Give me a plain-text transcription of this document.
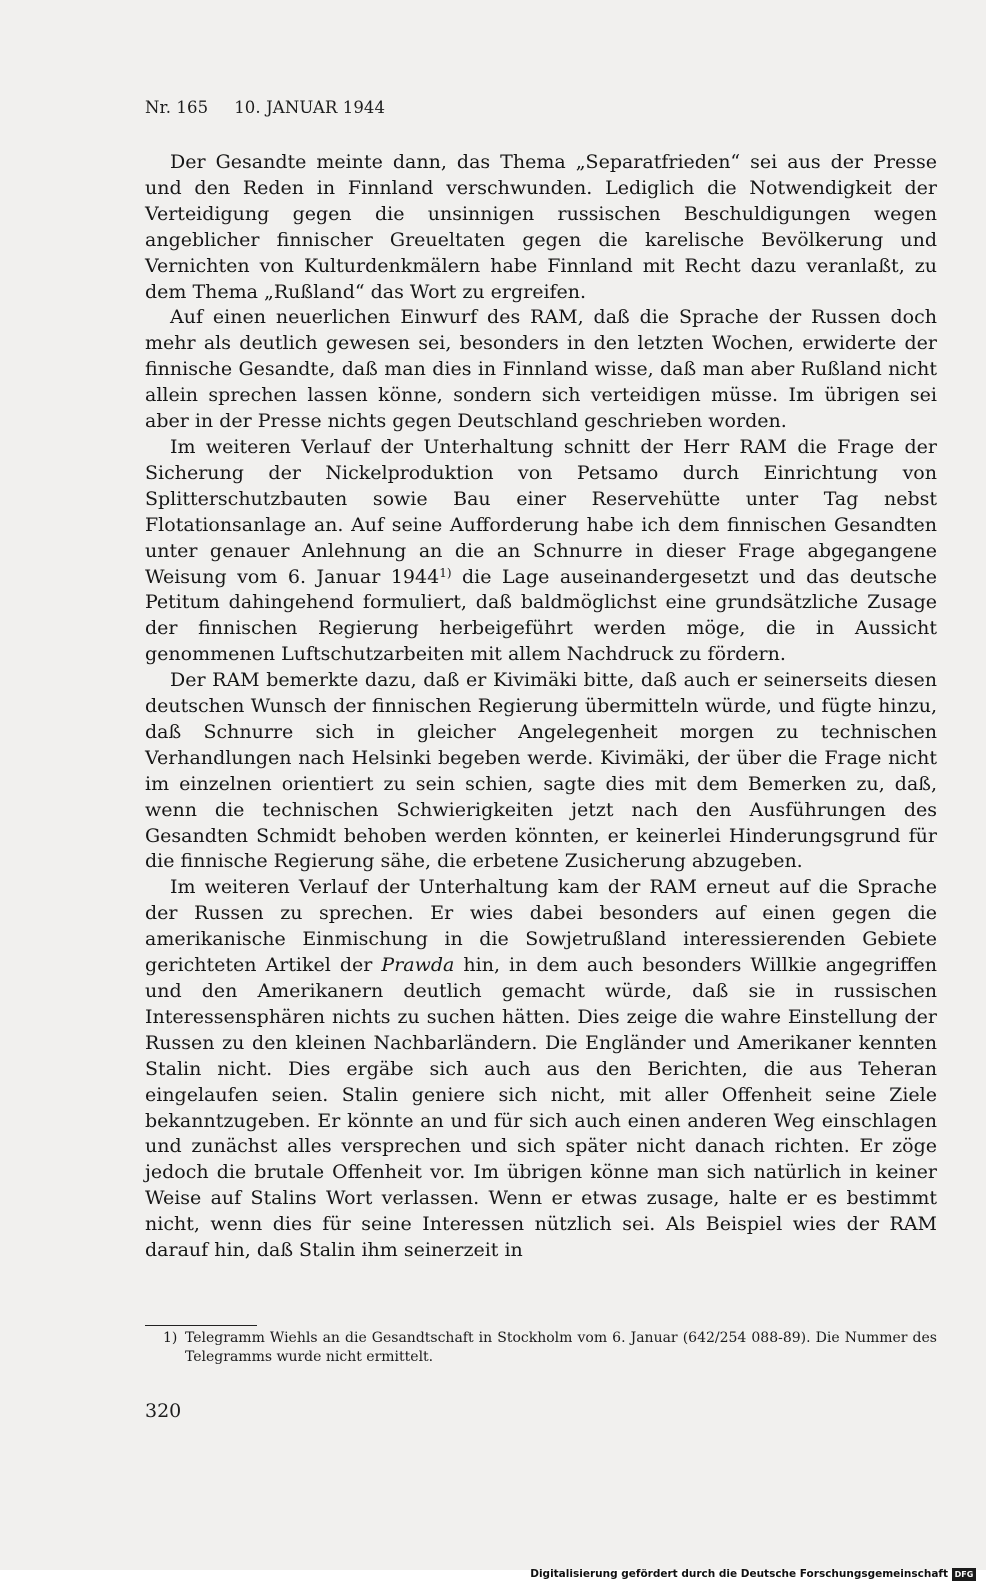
Nr. 165 10. JANUAR 1944

Der Gesandte meinte dann, das Thema „Separatfrieden“ sei aus der Presse und den Reden in Finnland verschwunden. Lediglich die Notwendigkeit der Verteidigung gegen die unsinnigen russischen Beschuldigungen wegen angeblicher finnischer Greueltaten gegen die karelische Bevölkerung und Vernichten von Kulturdenkmälern habe Finnland mit Recht dazu veranlaßt, zu dem Thema „Rußland“ das Wort zu ergreifen.

Auf einen neuerlichen Einwurf des RAM, daß die Sprache der Russen doch mehr als deutlich gewesen sei, besonders in den letzten Wochen, erwiderte der finnische Gesandte, daß man dies in Finnland wisse, daß man aber Rußland nicht allein sprechen lassen könne, sondern sich verteidigen müsse. Im übrigen sei aber in der Presse nichts gegen Deutschland geschrieben worden.

Im weiteren Verlauf der Unterhaltung schnitt der Herr RAM die Frage der Sicherung der Nickelproduktion von Petsamo durch Einrichtung von Splitterschutzbauten sowie Bau einer Reservehütte unter Tag nebst Flotationsanlage an. Auf seine Aufforderung habe ich dem finnischen Gesandten unter genauer Anlehnung an die an Schnurre in dieser Frage abgegangene Weisung vom 6. Januar 1944$^{1)}$ die Lage auseinandergesetzt und das deutsche Petitum dahingehend formuliert, daß baldmöglichst eine grundsätzliche Zusage der finnischen Regierung herbeigeführt werden möge, die in Aussicht genommenen Luftschutzarbeiten mit allem Nachdruck zu fördern.

Der RAM bemerkte dazu, daß er Kivimäki bitte, daß auch er seinerseits diesen deutschen Wunsch der finnischen Regierung übermitteln würde, und fügte hinzu, daß Schnurre sich in gleicher Angelegenheit morgen zu technischen Verhandlungen nach Helsinki begeben werde. Kivimäki, der über die Frage nicht im einzelnen orientiert zu sein schien, sagte dies mit dem Bemerken zu, daß, wenn die technischen Schwierigkeiten jetzt nach den Ausführungen des Gesandten Schmidt behoben werden könnten, er keinerlei Hinderungsgrund für die finnische Regierung sähe, die erbetene Zusicherung abzugeben.

Im weiteren Verlauf der Unterhaltung kam der RAM erneut auf die Sprache der Russen zu sprechen. Er wies dabei besonders auf einen gegen die amerikanische Einmischung in die Sowjetrußland interessierenden Gebiete gerichteten Artikel der Prawda hin, in dem auch besonders Willkie angegriffen und den Amerikanern deutlich gemacht würde, daß sie in russischen Interessensphären nichts zu suchen hätten. Dies zeige die wahre Einstellung der Russen zu den kleinen Nachbarländern. Die Engländer und Amerikaner kennten Stalin nicht. Dies ergäbe sich auch aus den Berichten, die aus Teheran eingelaufen seien. Stalin geniere sich nicht, mit aller Offenheit seine Ziele bekanntzugeben. Er könnte an und für sich auch einen anderen Weg einschlagen und zunächst alles versprechen und sich später nicht danach richten. Er zöge jedoch die brutale Offenheit vor. Im übrigen könne man sich natürlich in keiner Weise auf Stalins Wort verlassen. Wenn er etwas zusage, halte er es bestimmt nicht, wenn dies für seine Interessen nützlich sei. Als Beispiel wies der RAM darauf hin, daß Stalin ihm seinerzeit in

1) Telegramm Wiehls an die Gesandtschaft in Stockholm vom 6. Januar (642/254 088-89). Die Nummer des Telegramms wurde nicht ermittelt.

320
Digitalisierung gefördert durch die Deutsche Forschungsgemeinschaft DFG
